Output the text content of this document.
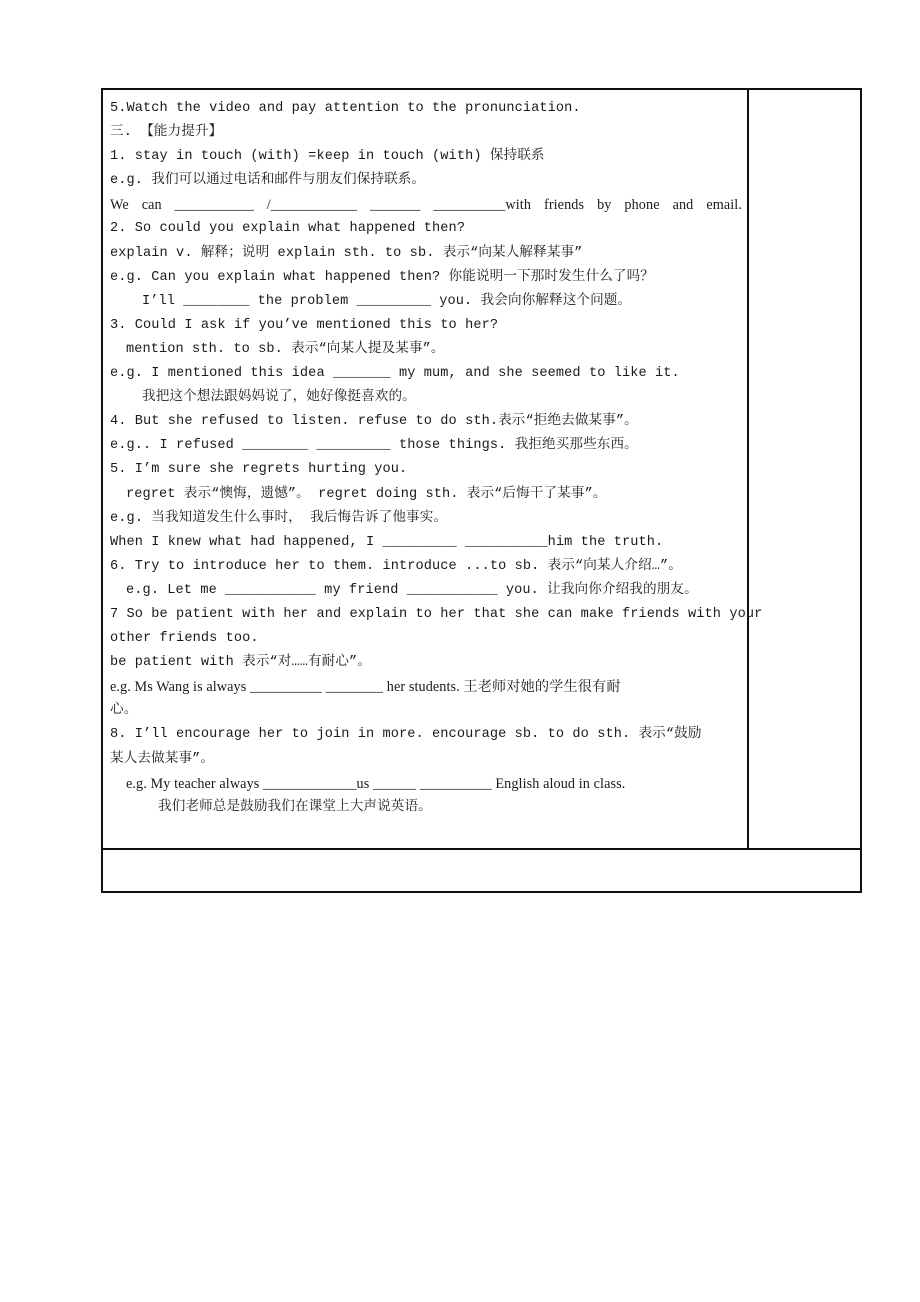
5.Watch the video and pay attention to the pronunciation.
三. 【能力提升】
1. stay in touch (with) =keep in touch (with) 保持联系
e.g. 我们可以通过电话和邮件与朋友们保持联系。
We can ___________ /____________ _______ __________with friends by phone and email.
2. So could you explain what happened then?
explain v. 解释；说明 explain sth. to sb. 表示“向某人解释某事”
e.g. Can you explain what happened then? 你能说明一下那时发生什么了吗？
I’ll ________ the problem _________ you. 我会向你解释这个问题。
3. Could I ask if you’ve mentioned this to her?
mention sth. to sb. 表示“向某人提及某事”。
e.g. I mentioned this idea _______ my mum, and she seemed to like it.
我把这个想法跟妈妈说了，她好像挺喜欢的。
4. But she refused to listen. refuse to do sth.表示“拒绝去做某事”。
e.g.. I refused ________ _________ those things. 我拒绝买那些东西。
5. I’m sure she regrets hurting you.
regret 表示“懊悔，遗憾”。 regret doing sth. 表示“后悔干了某事”。
e.g. 当我知道发生什么事时， 我后悔告诉了他事实。
When I knew what had happened, I _________ __________him the truth.
6. Try to introduce her to them. introduce ...to sb. 表示“向某人介绍…”。
e.g. Let me ___________ my friend ___________ you. 让我向你介绍我的朋友。
7 So be patient with her and explain to her that she can make friends with your
other friends too.
be patient with 表示“对……有耐心”。
e.g. Ms Wang is always __________ ________ her students. 王老师对她的学生很有耐
心。
8. I’ll encourage her to join in more. encourage sb. to do sth. 表示“鼓励
某人去做某事”。
e.g. My teacher always _____________us ______ __________ English aloud in class.
我们老师总是鼓励我们在课堂上大声说英语。
